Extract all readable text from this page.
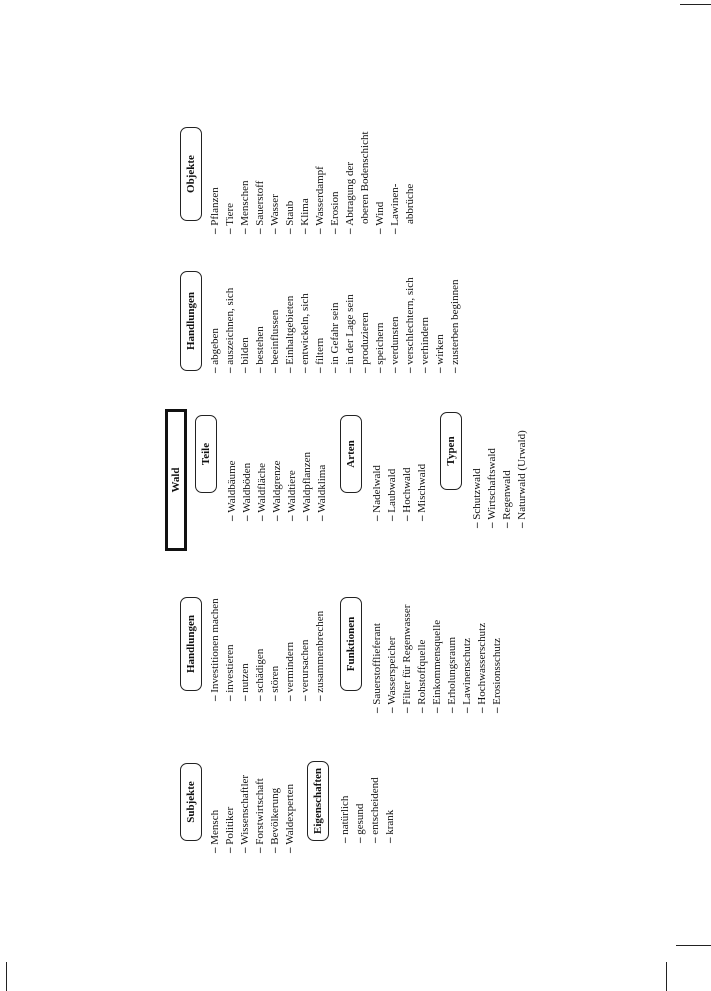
Wald
Teile
– Waldbäume – Waldböden – Waldfläche – Waldgrenze – Waldtiere – Waldpflanzen – Waldklima
Arten
– Nadelwald – Laubwald – Hochwald – Mischwald
Typen
– Schutzwald – Wirtschaftswald – Regenwald – Naturwald (Urwald)
Subjekte
– Mensch – Politiker – Wissenschaftler – Forstwirtschaft – Bevölkerung – Waldexperten Eigenschaften – natürlich – gesund – entscheidend – krank
Handlungen – Investitionen machen – investieren – nutzen – schädigen – stören – vermindern – verursachen – zusammenbrechen Funktionen – Sauerstofflieferant – Wasserspeicher – Filter für Regenwasser – Rohstoffquelle – Einkommensquelle – Erholungsraum – Lawinenschutz – Hochwasserschutz – Erosionsschutz
Handlungen – abgeben – auszeichnen, sich – bilden – bestehen – beeinflussen – Einhaltgebieten – entwickeln, sich – filtern – in Gefahr sein – in der Lage sein – produzieren – speichern – verdunsten – verschlechtern, sich – verhindern – wirken – zusterben beginnen
Objekte
– Pflanzen – Tiere – Menschen – Sauerstoff – Wasser – Staub – Klima – Wasserdampf – Erosion – Abtragung der oberen Bodenschicht – Wind – Lawinen- abbrüche
